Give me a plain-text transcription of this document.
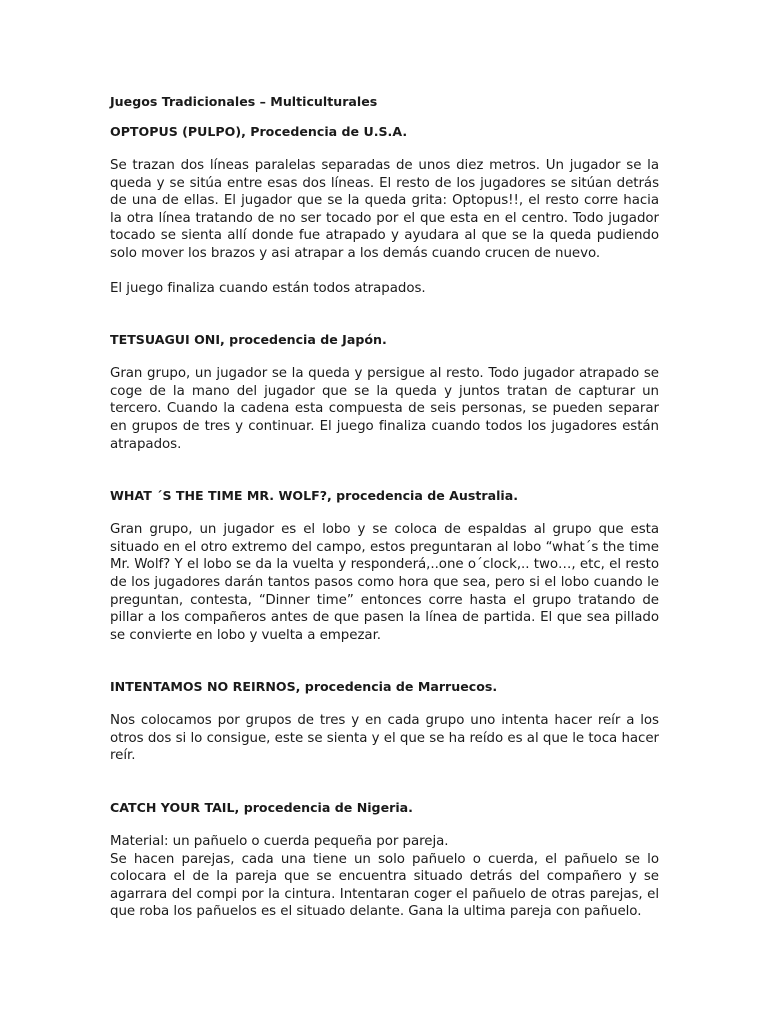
Juegos Tradicionales – Multiculturales
OPTOPUS (PULPO), Procedencia de U.S.A.

Se trazan dos líneas paralelas separadas de unos diez metros. Un jugador se la queda y se sitúa entre esas dos líneas. El resto de los jugadores se sitúan detrás de una de ellas. El jugador que se la queda grita: Optopus!!, el resto corre hacia la otra línea tratando de no ser tocado por el que esta en el centro. Todo jugador tocado se sienta allí donde fue atrapado y ayudara al que se la queda pudiendo solo mover los brazos y asi atrapar a los demás cuando crucen de nuevo.

El juego finaliza cuando están todos atrapados.

TETSUAGUI ONI, procedencia de Japón.

Gran grupo, un jugador se la queda y persigue al resto. Todo jugador atrapado se coge de la mano del jugador que se la queda y juntos tratan de capturar un tercero. Cuando la cadena esta compuesta de seis personas, se pueden separar en grupos de tres y continuar. El juego finaliza cuando todos los jugadores están atrapados.

WHAT ´S THE TIME MR. WOLF?, procedencia de Australia.

Gran grupo, un jugador es el lobo y se coloca de espaldas al grupo que esta situado en el otro extremo del campo, estos preguntaran al lobo “what´s the time Mr. Wolf? Y el lobo se da la vuelta y responderá,..one o´clock,.. two…, etc, el resto de los jugadores darán tantos pasos como hora que sea, pero si el lobo cuando le preguntan, contesta, “Dinner time” entonces corre hasta el grupo tratando de pillar a los compañeros antes de que pasen la línea de partida. El que sea pillado se convierte en lobo y vuelta a empezar.

INTENTAMOS NO REIRNOS, procedencia de Marruecos.

Nos colocamos por grupos de tres y en cada grupo uno intenta hacer reír a los otros dos si lo consigue, este se sienta y el que se ha reído es al que le toca hacer reír.

CATCH YOUR TAIL, procedencia de Nigeria.

Material: un pañuelo o cuerda pequeña por pareja.

Se hacen parejas, cada una tiene un solo pañuelo o cuerda, el pañuelo se lo colocara el de la pareja que se encuentra situado detrás del compañero y se agarrara del compi por la cintura. Intentaran coger el pañuelo de otras parejas, el que roba los pañuelos es el situado delante. Gana la ultima pareja con pañuelo.
